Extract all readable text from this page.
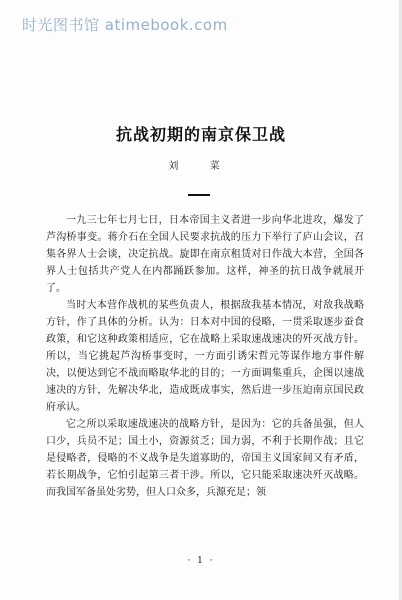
时光图书馆 atimebook.com
抗战初期的南京保卫战
刘 菜

一九三七年七月七日，日本帝国主义者进一步向华北进攻，爆发了芦沟桥事变。蒋介石在全国人民要求抗战的压力下举行了庐山会议，召集各界人士会谈，决定抗战。旋即在南京租赁对日作战大本营，全国各界人士包括共产党人在内都踊跃参加。这样，神圣的抗日战争就展开了。

当时大本营作战机的某些负责人，根据敌我基本情况，对敌我战略方针，作了具体的分析。认为：日本对中国的侵略，一贯采取逐步蚕食政策，和它这种政策相适应，它在战略上采取速战速决的歼灭战方针。所以，当它挑起芦沟桥事变时，一方面引诱宋哲元等谋作地方事件解决，以便达到它不战而略取华北的目的；一方面调集重兵，企图以速战速决的方针，先解决华北，造成既成事实，然后进一步压迫南京国民政府承认。

它之所以采取速战速决的战略方针，是因为：它的兵备虽强，但人口少，兵员不足；国土小，资源贫乏；国力弱，不利于长期作战；且它是侵略者，侵略的不义战争是失道寡助的，帝国主义国家间又有矛盾，若长期战争，它怕引起第三者干涉。所以，它只能采取速决歼灭战略。而我国军备虽处劣势，但人口众多，兵源充足；领

· 1 ·
